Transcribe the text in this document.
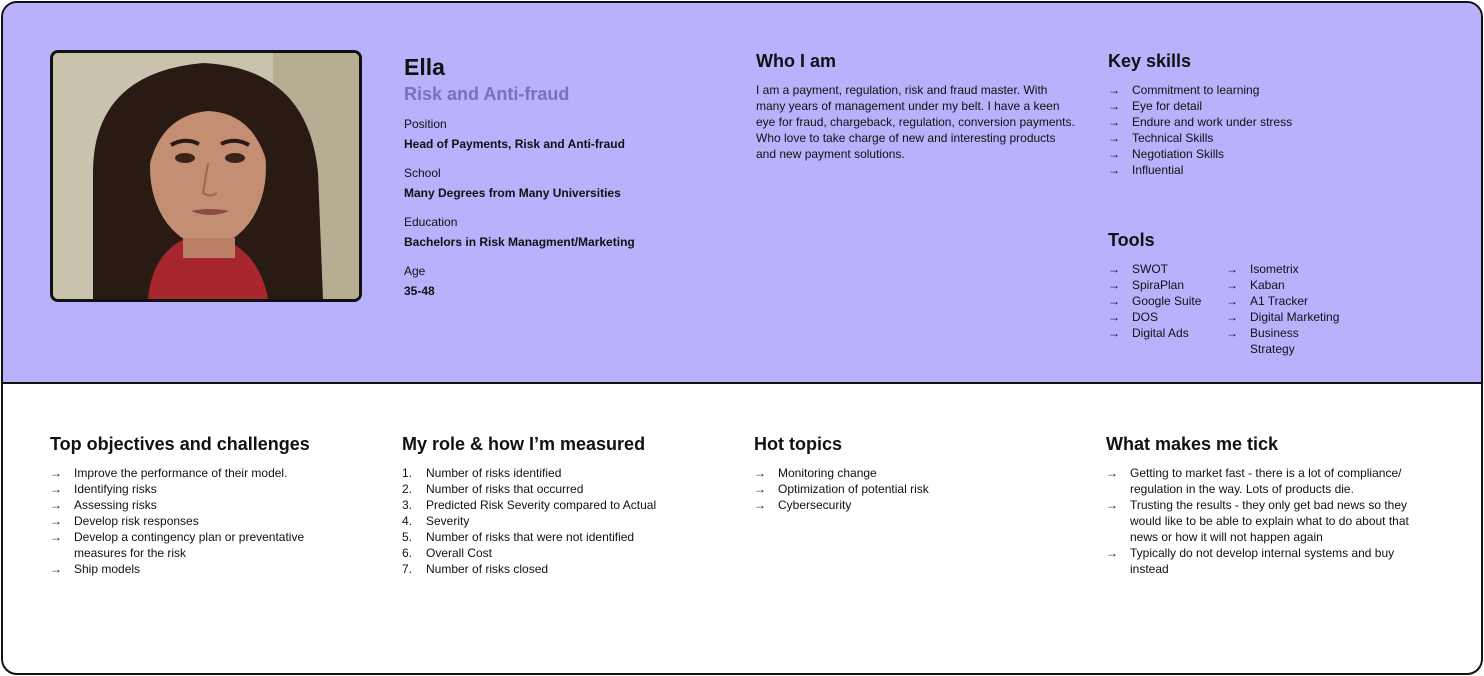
Ella
Risk and Anti-fraud
Position
Head of Payments, Risk and Anti-fraud
School
Many Degrees from Many Universities
Education
Bachelors in Risk Managment/Marketing
Age
35-48
Who I am

I am a payment, regulation, risk and fraud master. With many years of management under my belt. I have a keen eye for fraud, chargeback, regulation, conversion payments. Who love to take charge of new and interesting products and new payment solutions.

Key skills
→	Commitment to learning
→	Eye for detail
→	Endure and work under stress
→	Technical Skills
→	Negotiation Skills
→	Influential
Tools
→	SWOT
→	SpiraPlan
→	Google Suite
→	DOS
→	Digital Ads
→	Isometrix
→	Kaban
→	A1 Tracker
→	Digital Marketing
→	Business Strategy
Top objectives and challenges
→	Improve the performance of their model.
→	Identifying risks
→	Assessing risks
→	Develop risk responses
→	Develop a contingency plan or preventative measures for the risk
→	Ship models
My role & how I’m measured
1.	Number of risks identified
2.	Number of risks that occurred
3.	Predicted Risk Severity compared to Actual
4.	Severity
5.	Number of risks that were not identified
6.	Overall Cost
7.	Number of risks closed
Hot topics
→	Monitoring change
→	Optimization of potential risk
→	Cybersecurity
What makes me tick
→	Getting to market fast - there is a lot of compliance/ regulation in the way. Lots of products die.
→	Trusting the results - they only get bad news so they would like to be able to explain what to do about that news or how it will not happen again
→	Typically do not develop internal systems and buy instead
